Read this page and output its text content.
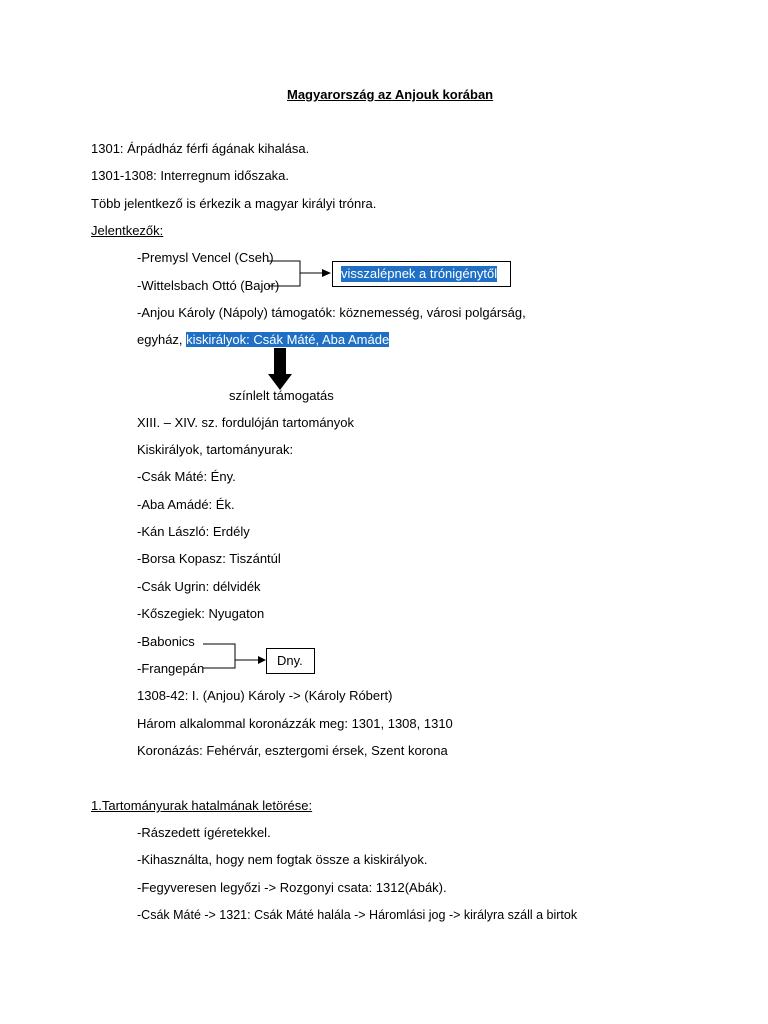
Magyarország az Anjouk korában
1301: Árpádház férfi ágának kihalása.
1301-1308: Interregnum időszaka.
Több jelentkező is érkezik a magyar királyi trónra.
Jelentkezők:
-Premysl Vencel (Cseh)
-Wittelsbach Ottó (Bajor)
-Anjou Károly (Nápoly) támogatók: köznemesség, városi polgárság,
egyház, kiskirályok: Csák Máté, Aba Amáde
visszalépnek a trónigénytől
színlelt támogatás
XIII. – XIV. sz. fordulóján tartományok
Kiskirályok, tartományurak:
-Csák Máté: Ény.
-Aba Amádé: Ék.
-Kán László: Erdély
-Borsa Kopasz: Tiszántúl
-Csák Ugrin: délvidék
-Kőszegiek: Nyugaton
-Babonics
-Frangepán
Dny.
1308-42: I. (Anjou) Károly -> (Károly Róbert)
Három alkalommal koronázzák meg: 1301, 1308, 1310
Koronázás: Fehérvár, esztergomi érsek, Szent korona
1.Tartományurak hatalmának letörése:
-Rászedett ígéretekkel.
-Kihasználta, hogy nem fogtak össze a kiskirályok.
-Fegyveresen legyőzi -> Rozgonyi csata: 1312(Abák).
-Csák Máté -> 1321: Csák Máté halála -> Háromlási jog -> királyra száll a birtok
